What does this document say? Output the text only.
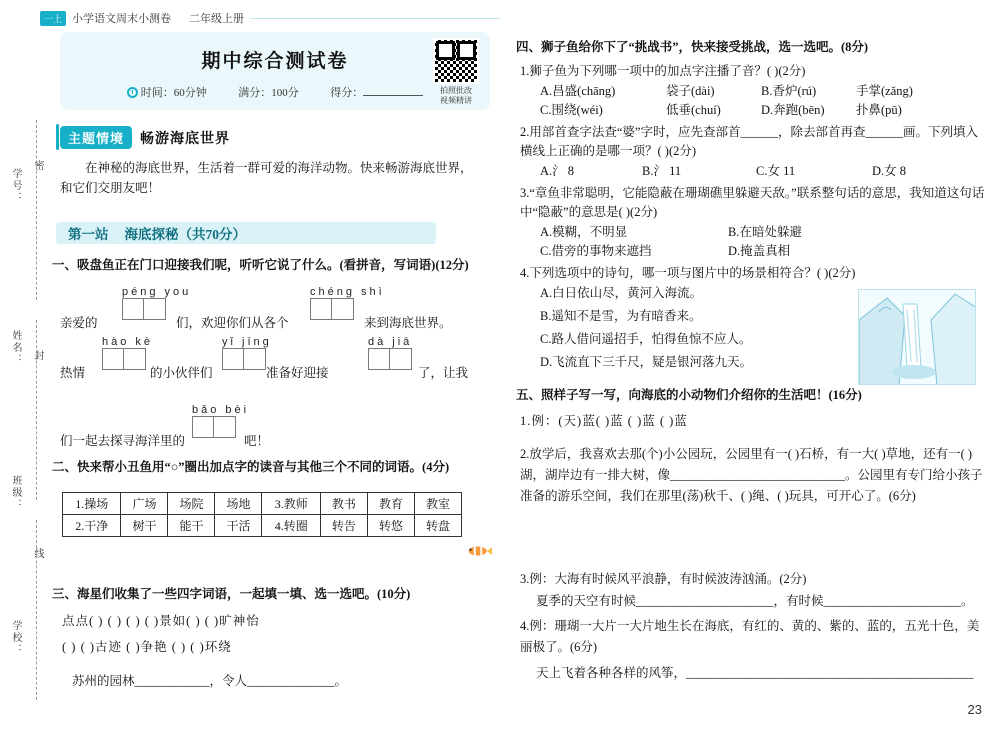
学校：
班级：
姓名：
学号：
密
封
线
一上 小学语文周末小测卷 二年级上册
期中综合测试卷
时间：60分钟	满分：100分	得分：	拍照批改
视频精讲
主题情境 畅游海底世界
在神秘的海底世界，生活着一群可爱的海洋动物。快来畅游海底世界，和它们交朋友吧！
第一站 海底探秘（共70分）
一、吸盘鱼正在门口迎接我们呢，听听它说了什么。(看拼音，写词语)(12分)
péng you	chéng shì
亲爱的	们，欢迎你们从各个	来到海底世界。
hào kè	yǐ jīng	dà jiā
热情	的小伙伴们	准备好迎接	了，让我
bǎo bèi
们一起去探寻海洋里的	吧！
二、快来帮小丑鱼用“○”圈出加点字的读音与其他三个不同的词语。(4分)
1.操场	广场	场院	场地	3.教师	教书	教育	教室
2.干净	树干	能干	干活	4.转圈	转告	转悠	转盘
三、海星们收集了一些四字词语，一起填一填、选一选吧。(10分)
点点( ) ( ) ( ) ( )景如( ) ( )旷神怡
( ) ( )古迹 ( )争艳 ( ) ( )环绕
苏州的园林____________，令人______________。
四、狮子鱼给你下了“挑战书”，快来接受挑战，选一选吧。(8分)
1.狮子鱼为下列哪一项中的加点字注播了音？( )(2分)
A.昌盛(chāng)	袋子(dài)	B.香炉(rú)	手掌(zǎng)
C.围绕(wéi)	低垂(chuí)	D.奔跑(bēn)	扑鼻(pū)
2.用部首查字法查“婆”字时，应先查部首______，除去部首再查______画。下列填入横线上正确的是哪一项？( )(2分)
A.氵 8	B.氵 11	C.女 11	D.女 8
3.“章鱼非常聪明，它能隐蔽在珊瑚礁里躲避天敌。”联系整句话的意思，我知道这句话中“隐蔽”的意思是( )(2分)
A.模糊，不明显	B.在暗处躲避
C.借旁的事物来遮挡	D.掩盖真相
4.下列选项中的诗句，哪一项与图片中的场景相符合？( )(2分)
A.白日依山尽，黄河入海流。
B.遥知不是雪，为有暗香来。
C.路人借问遥招手，怕得鱼惊不应人。
D.飞流直下三千尺，疑是银河落九天。
五、照样子写一写，向海底的小动物们介绍你的生活吧！(16分)
1.例：(天)蓝( )蓝 ( )蓝 ( )蓝
2.放学后，我喜欢去那(个)小公园玩，公园里有一( )石桥，有一大( )草地，还有一( )湖，湖岸边有一排大树，像____________________________。公园里有专门给小孩子准备的游乐空间，我们在那里(荡)秋千、( )绳、( )玩具，可开心了。(6分)
3.例：大海有时候风平浪静，有时候波涛汹涌。(2分)
夏季的天空有时候______________________，有时候______________________。
4.例：珊瑚一大片一大片地生长在海底，有红的、黄的、紫的、蓝的，五光十色，美丽极了。(6分)
天上飞着各种各样的风筝，______________________________________________
23
